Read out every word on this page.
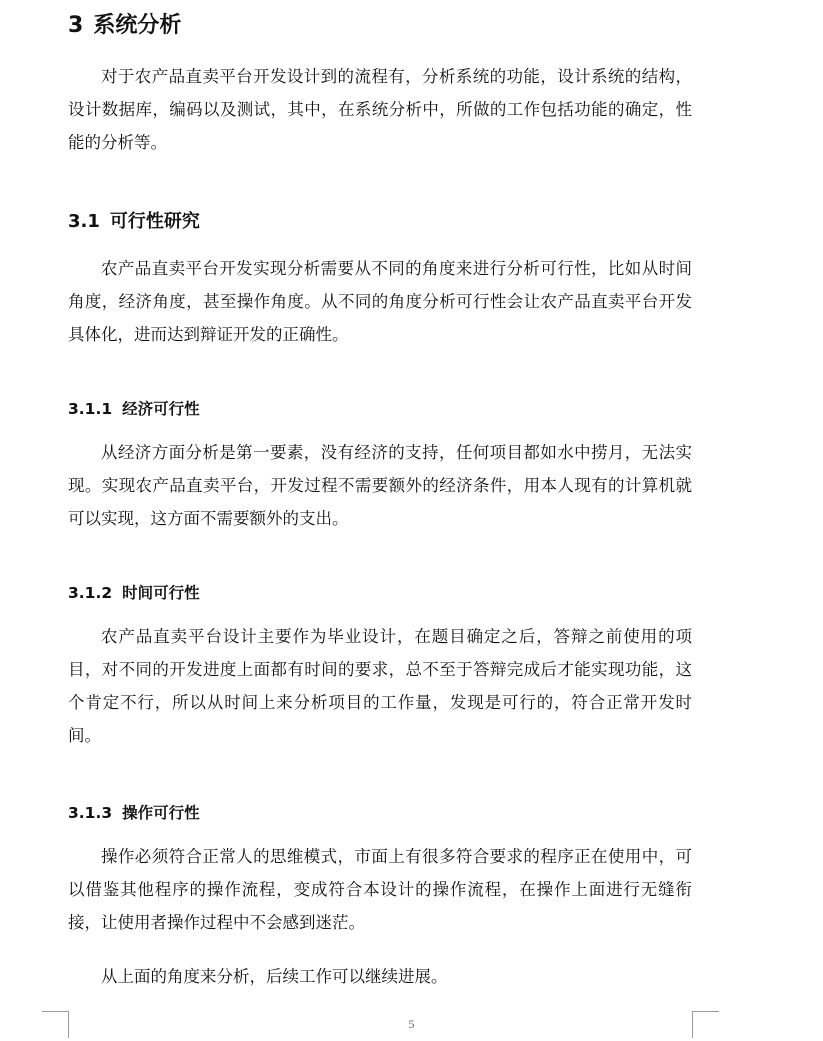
3 系统分析

对于农产品直卖平台开发设计到的流程有，分析系统的功能，设计系统的结构，设计数据库，编码以及测试，其中，在系统分析中，所做的工作包括功能的确定，性能的分析等。

3.1 可行性研究

农产品直卖平台开发实现分析需要从不同的角度来进行分析可行性，比如从时间角度，经济角度，甚至操作角度。从不同的角度分析可行性会让农产品直卖平台开发具体化，进而达到辩证开发的正确性。

3.1.1 经济可行性

从经济方面分析是第一要素，没有经济的支持，任何项目都如水中捞月，无法实现。实现农产品直卖平台，开发过程不需要额外的经济条件，用本人现有的计算机就可以实现，这方面不需要额外的支出。

3.1.2 时间可行性

农产品直卖平台设计主要作为毕业设计，在题目确定之后，答辩之前使用的项目，对不同的开发进度上面都有时间的要求，总不至于答辩完成后才能实现功能，这个肯定不行，所以从时间上来分析项目的工作量，发现是可行的，符合正常开发时间。

3.1.3 操作可行性

操作必须符合正常人的思维模式，市面上有很多符合要求的程序正在使用中，可以借鉴其他程序的操作流程，变成符合本设计的操作流程，在操作上面进行无缝衔接，让使用者操作过程中不会感到迷茫。

从上面的角度来分析，后续工作可以继续进展。

5
